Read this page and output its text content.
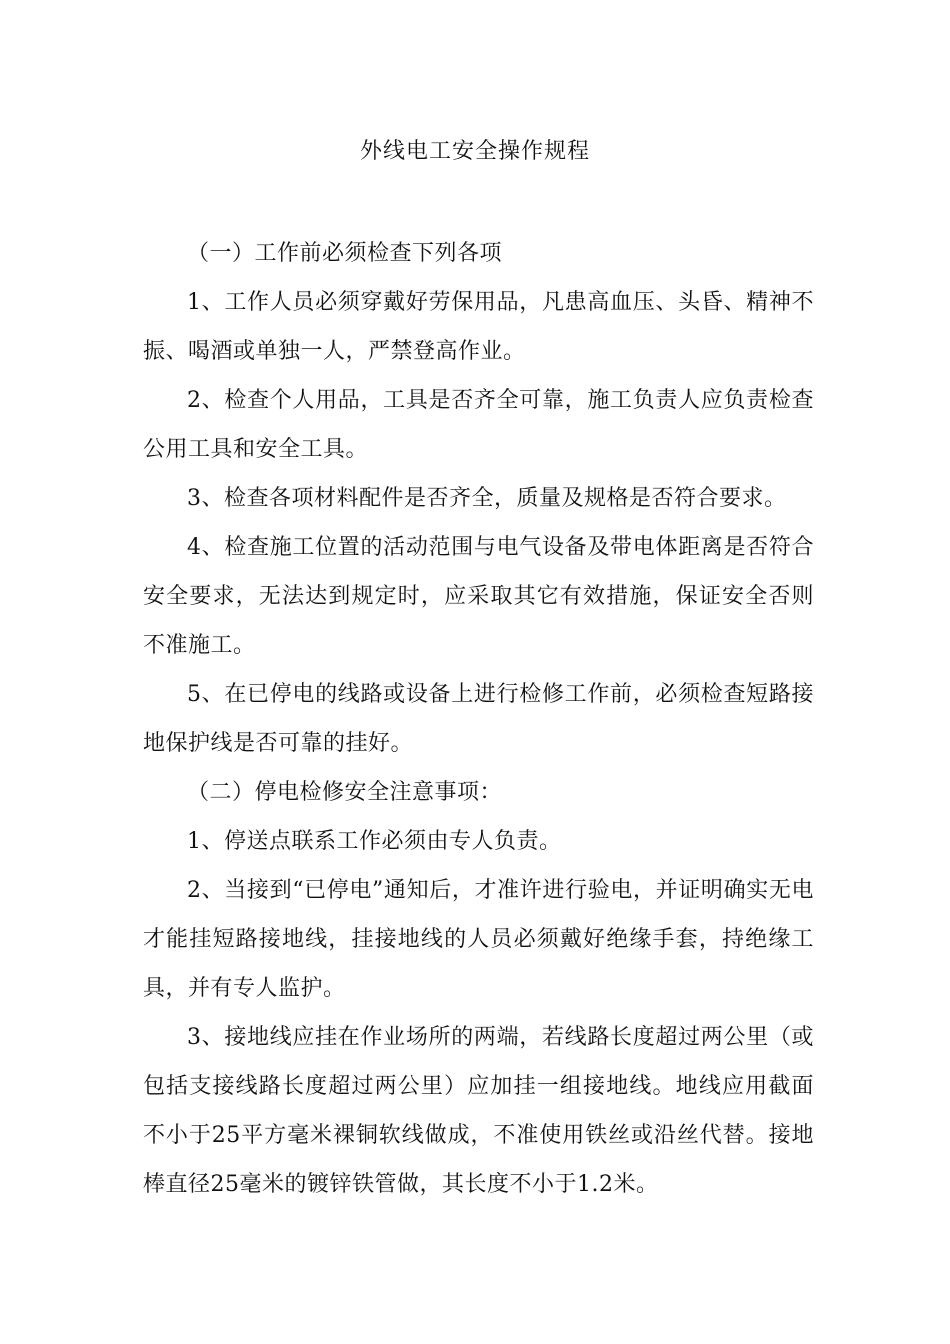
外线电工安全操作规程

（一）工作前必须检查下列各项

1、工作人员必须穿戴好劳保用品，凡患高血压、头昏、精神不振、喝酒或单独一人，严禁登高作业。

2、检查个人用品，工具是否齐全可靠，施工负责人应负责检查公用工具和安全工具。

3、检查各项材料配件是否齐全，质量及规格是否符合要求。

4、检查施工位置的活动范围与电气设备及带电体距离是否符合安全要求，无法达到规定时，应采取其它有效措施，保证安全否则不准施工。

5、在已停电的线路或设备上进行检修工作前，必须检查短路接地保护线是否可靠的挂好。

（二）停电检修安全注意事项：

1、停送点联系工作必须由专人负责。

2、当接到“已停电”通知后，才准许进行验电，并证明确实无电才能挂短路接地线，挂接地线的人员必须戴好绝缘手套，持绝缘工具，并有专人监护。

3、接地线应挂在作业场所的两端，若线路长度超过两公里（或包括支接线路长度超过两公里）应加挂一组接地线。地线应用截面不小于25平方毫米裸铜软线做成，不准使用铁丝或沿丝代替。接地棒直径25毫米的镀锌铁管做，其长度不小于1.2米。
